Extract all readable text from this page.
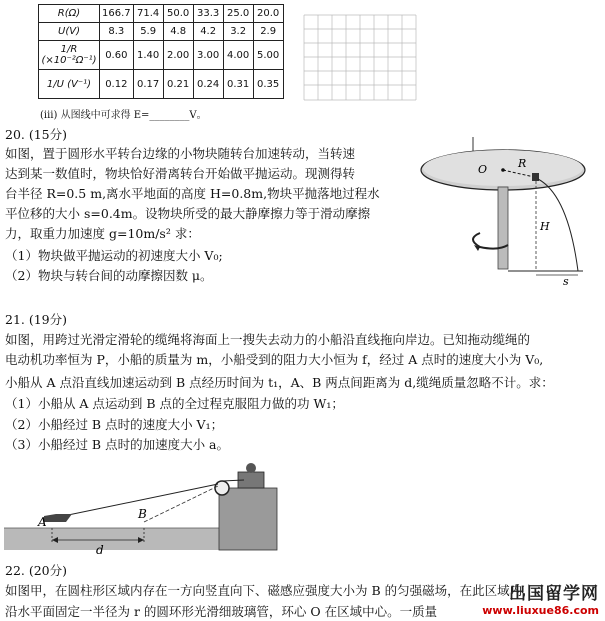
R(Ω)	166.7	71.4	50.0	33.3	25.0	20.0
U(V)	8.3	5.9	4.8	4.2	3.2	2.9
1/R (×10⁻²Ω⁻¹)	0.60	1.40	2.00	3.00	4.00	5.00
1/U (V⁻¹)	0.12	0.17	0.21	0.24	0.31	0.35
(ⅲ) 从图线中可求得 E=________V。
20. (15分)
如图，置于圆形水平转台边缘的小物块随转台加速转动，当转速
达到某一数值时，物块恰好滑离转台开始做平抛运动。现测得转
台半径 R=0.5 m,离水平地面的高度 H=0.8m,物块平抛落地过程水
平位移的大小 s=0.4m。设物块所受的最大静摩擦力等于滑动摩擦
力，取重力加速度 g=10m/s² 求：
（1）物块做平抛运动的初速度大小 V₀;
（2）物块与转台间的动摩擦因数 μ。
O	R
H
s
21. (19分)
如图，用跨过光滑定滑轮的缆绳将海面上一搜失去动力的小船沿直线拖向岸边。已知拖动缆绳的
电动机功率恒为 P，小船的质量为 m，小船受到的阻力大小恒为 f，经过 A 点时的速度大小为 V₀,
小船从 A 点沿直线加速运动到 B 点经历时间为 t₁，A、B 两点间距离为 d,缆绳质量忽略不计。求：
（1）小船从 A 点运动到 B 点的全过程克服阻力做的功 W₁；
（2）小船经过 B 点时的速度大小 V₁；
（3）小船经过 B 点时的加速度大小 a。
A
B
d
22. (20分)
如图甲，在圆柱形区域内存在一方向竖直向下、磁感应强度大小为 B 的匀强磁场，在此区域内，
沿水平面固定一半径为 r 的圆环形光滑细玻璃管，环心 O 在区域中心。一质量
出国留学网
www.liuxue86.com
